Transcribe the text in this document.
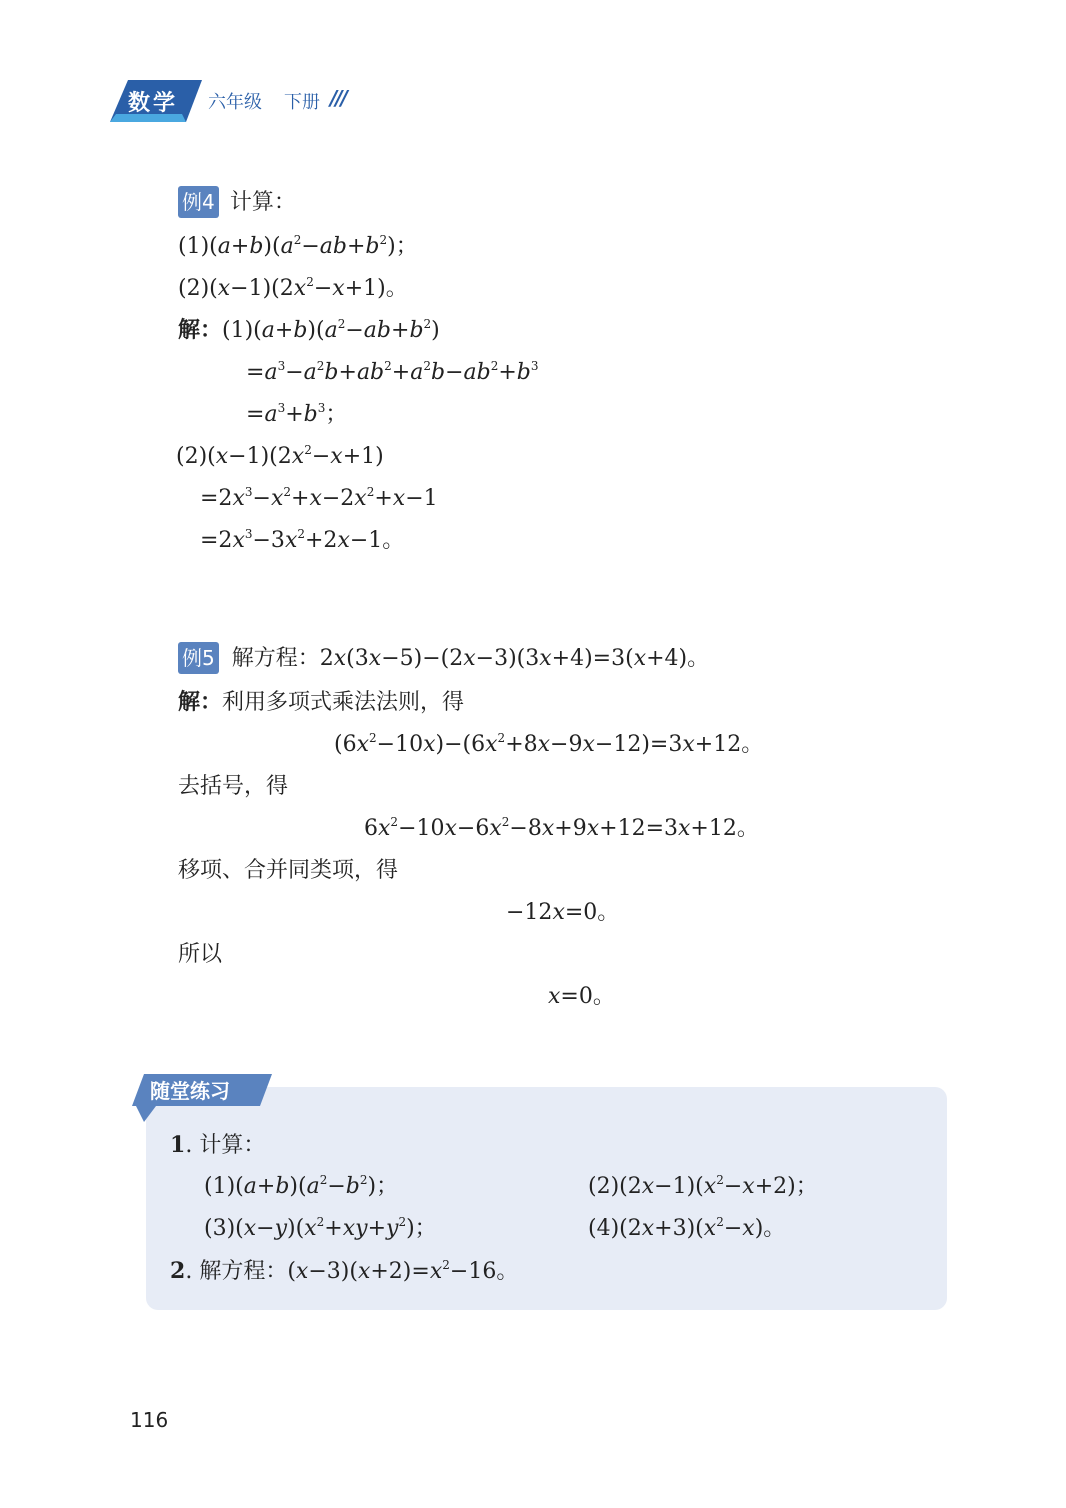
数学 六年级 下册 ///
例4 计算：
$(1)(a+b)(a^2-ab+b^2)$；
$(2)(x-1)(2x^2-x+1)$。
解：$(1)(a+b)(a^2-ab+b^2)$
$=a^3-a^2b+ab^2+a^2b-ab^2+b^3$
$=a^3+b^3$；
$(2)(x-1)(2x^2-x+1)$
$=2x^3-x^2+x-2x^2+x-1$
$=2x^3-3x^2+2x-1$。
例5 解方程：2x(3x−5)−(2x−3)(3x+4)=3(x+4)。
解：利用多项式乘法法则，得
$(6x^2-10x)-(6x^2+8x-9x-12)=3x+12$。
去括号，得
$6x^2-10x-6x^2-8x+9x+12=3x+12$。
移项、合并同类项，得
−12x=0。
所以
x=0。
随堂练习
1. 计算：
$(1)(a+b)(a^2-b^2)$；	$(2)(2x-1)(x^2-x+2)$；
$(3)(x-y)(x^2+xy+y^2)$；	$(4)(2x+3)(x^2-x)$。
2. 解方程：$(x-3)(x+2)=x^2-16$。
116
